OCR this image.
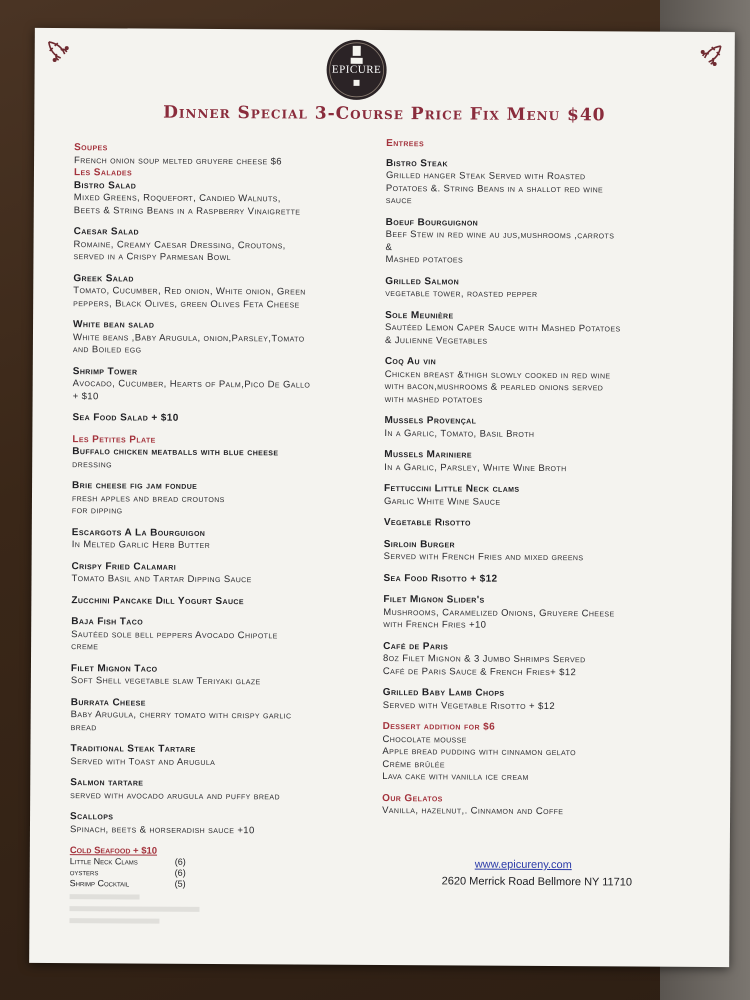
EPICURE
Dinner Special 3-Course Price Fix Menu $40
Soupes
French onion soup melted gruyere cheese $6
Les Salades
Bistro Salad
Mixed Greens, Roquefort, Candied Walnuts,
Beets & String Beans in a Raspberry Vinaigrette
Caesar Salad
Romaine, Creamy Caesar Dressing, Croutons,
served in a Crispy Parmesan Bowl
Greek Salad
Tomato, Cucumber, Red onion, White onion, Green
peppers, Black Olives, green Olives Feta Cheese
White bean salad
White beans ,Baby Arugula, onion,Parsley,Tomato
and Boiled egg
Shrimp Tower
Avocado, Cucumber, Hearts of Palm,Pico De Gallo
+ $10
Sea Food Salad + $10
Les Petites Plate
Buffalo chicken meatballs with blue cheese
dressing
Brie cheese fig jam fondue
fresh apples and bread croutons
for dipping
Escargots A La Bourguigon
In Melted Garlic Herb Butter
Crispy Fried Calamari
Tomato Basil and Tartar Dipping Sauce
Zucchini Pancake Dill Yogurt Sauce
Baja Fish Taco
Sautéed sole bell peppers Avocado Chipotle
creme
Filet Mignon Taco
Soft Shell vegetable slaw Teriyaki glaze
Burrata Cheese
Baby Arugula, cherry tomato with crispy garlic
bread
Traditional Steak Tartare
Served with Toast and Arugula
Salmon tartare
served with avocado arugula and puffy bread
Scallops
Spinach, beets & horseradish sauce +10
Cold Seafood + $10
Little Neck Clams	(6)
oysters	(6)
Shrimp Cocktail	(5)
Entrees
Bistro Steak
Grilled hanger Steak Served with Roasted
Potatoes &. String Beans in a shallot red wine
sauce
Boeuf Bourguignon
Beef Stew in red wine au jus,mushrooms ,carrots
&
Mashed potatoes
Grilled Salmon
vegetable tower, roasted pepper
Sole Meunière
Sautéed Lemon Caper Sauce with Mashed Potatoes
& Julienne Vegetables
Coq Au vin
Chicken breast &thigh slowly cooked in red wine
with bacon,mushrooms & pearled onions served
with mashed potatoes
Mussels Provençal
In a Garlic, Tomato, Basil Broth
Mussels Mariniere
In a Garlic, Parsley, White Wine Broth
Fettuccini Little Neck clams
Garlic White Wine Sauce
Vegetable Risotto
Sirloin Burger
Served with French Fries and mixed greens
Sea Food Risotto + $12
Filet Mignon Slider's
Mushrooms, Caramelized Onions, Gruyere Cheese
with French Fries +10
Café de Paris
8oz Filet Mignon & 3 Jumbo Shrimps Served
Café de Paris Sauce & French Fries+ $12
Grilled Baby Lamb Chops
Served with Vegetable Risotto + $12
Dessert addition for $6
Chocolate mousse
Apple bread pudding with cinnamon gelato
Crème brûlée
Lava cake with vanilla ice cream
Our Gelatos
Vanilla, hazelnut,. Cinnamon and Coffe
www.epicureny.com
2620 Merrick Road Bellmore NY 11710
